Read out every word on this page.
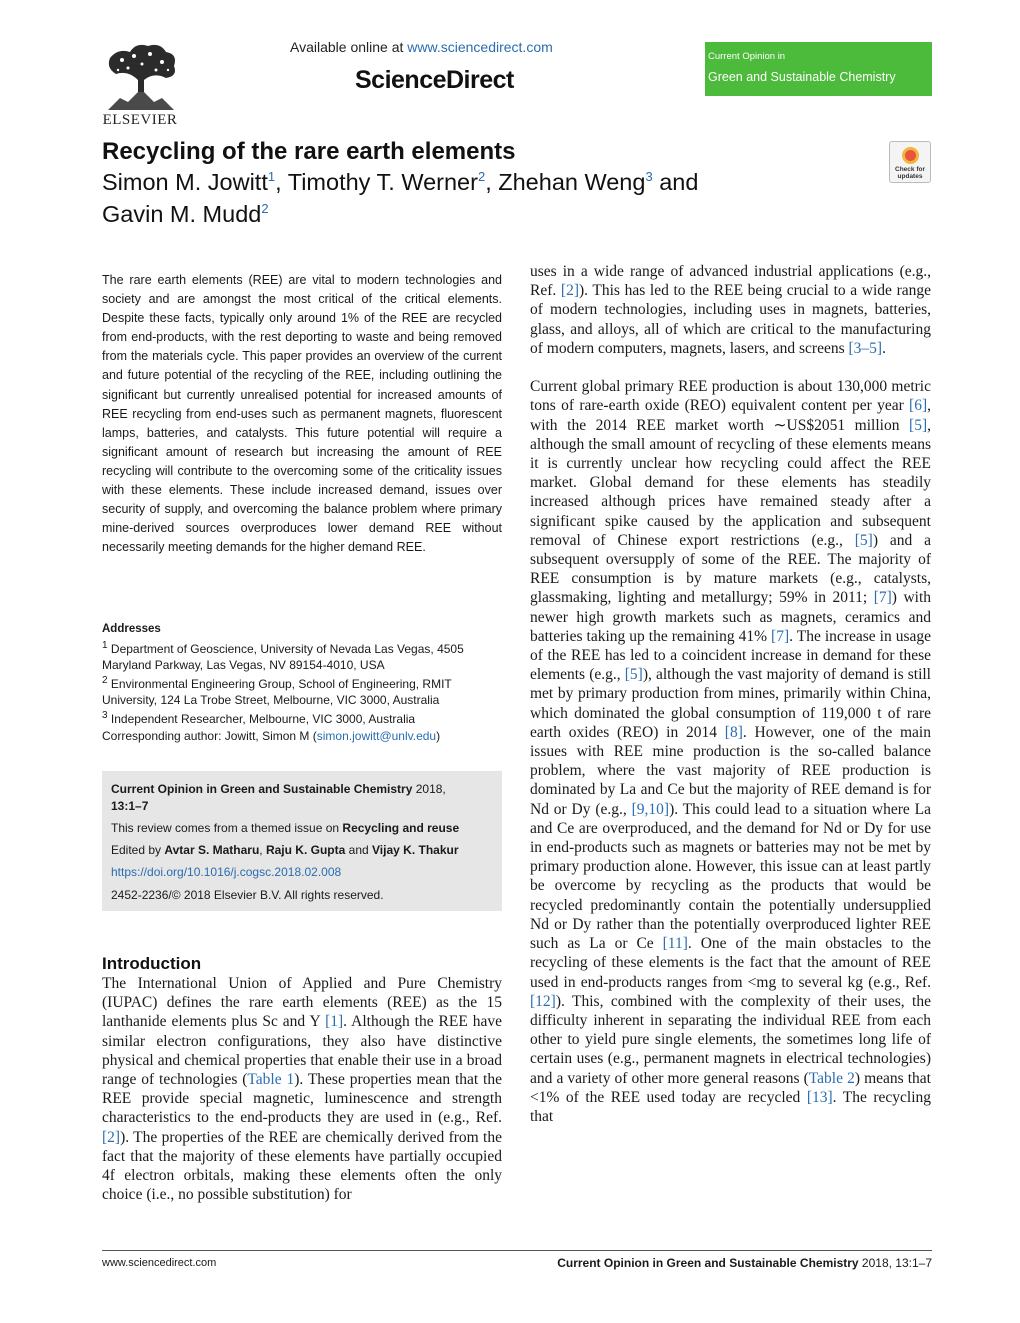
ELSEVIER
Available online at www.sciencedirect.com
ScienceDirect
Current Opinion in
Green and Sustainable Chemistry
Recycling of the rare earth elements
Simon M. Jowitt$^1$, Timothy T. Werner$^2$, Zhehan Weng$^3$ and
Gavin M. Mudd$^2$
Check for updates
The rare earth elements (REE) are vital to modern technologies and society and are amongst the most critical of the critical elements. Despite these facts, typically only around 1% of the REE are recycled from end-products, with the rest deporting to waste and being removed from the materials cycle. This paper provides an overview of the current and future potential of the recycling of the REE, including outlining the significant but currently unrealised potential for increased amounts of REE recycling from end-uses such as permanent magnets, fluorescent lamps, batteries, and catalysts. This future potential will require a significant amount of research but increasing the amount of REE recycling will contribute to the overcoming some of the criticality issues with these elements. These include increased demand, issues over security of supply, and overcoming the balance problem where primary mine-derived sources overproduces lower demand REE without necessarily meeting demands for the higher demand REE.
Addresses

$^1$ Department of Geoscience, University of Nevada Las Vegas, 4505 Maryland Parkway, Las Vegas, NV 89154-4010, USA

$^2$ Environmental Engineering Group, School of Engineering, RMIT University, 124 La Trobe Street, Melbourne, VIC 3000, Australia

$^3$ Independent Researcher, Melbourne, VIC 3000, Australia

Corresponding author: Jowitt, Simon M (simon.jowitt@unlv.edu)
Current Opinion in Green and Sustainable Chemistry 2018,
13:1–7
This review comes from a themed issue on Recycling and reuse
Edited by Avtar S. Matharu, Raju K. Gupta and Vijay K. Thakur
https://doi.org/10.1016/j.cogsc.2018.02.008
2452-2236/© 2018 Elsevier B.V. All rights reserved.
Introduction
The International Union of Applied and Pure Chemistry (IUPAC) defines the rare earth elements (REE) as the 15 lanthanide elements plus Sc and Y [1]. Although the REE have similar electron configurations, they also have distinctive physical and chemical properties that enable their use in a broad range of technologies (Table 1). These properties mean that the REE provide special magnetic, luminescence and strength characteristics to the end-products they are used in (e.g., Ref. [2]). The properties of the REE are chemically derived from the fact that the majority of these elements have partially occupied 4f electron orbitals, making these elements often the only choice (i.e., no possible substitution) for

uses in a wide range of advanced industrial applications (e.g., Ref. [2]). This has led to the REE being crucial to a wide range of modern technologies, including uses in magnets, batteries, glass, and alloys, all of which are critical to the manufacturing of modern computers, magnets, lasers, and screens [3–5].

Current global primary REE production is about 130,000 metric tons of rare-earth oxide (REO) equivalent content per year [6], with the 2014 REE market worth ∼US$2051 million [5], although the small amount of recycling of these elements means it is currently unclear how recycling could affect the REE market. Global demand for these elements has steadily increased although prices have remained steady after a significant spike caused by the application and subsequent removal of Chinese export restrictions (e.g., [5]) and a subsequent oversupply of some of the REE. The majority of REE consumption is by mature markets (e.g., catalysts, glassmaking, lighting and metallurgy; 59% in 2011; [7]) with newer high growth markets such as magnets, ceramics and batteries taking up the remaining 41% [7]. The increase in usage of the REE has led to a coincident increase in demand for these elements (e.g., [5]), although the vast majority of demand is still met by primary production from mines, primarily within China, which dominated the global consumption of 119,000 t of rare earth oxides (REO) in 2014 [8]. However, one of the main issues with REE mine production is the so-called balance problem, where the vast majority of REE production is dominated by La and Ce but the majority of REE demand is for Nd or Dy (e.g., [9,10]). This could lead to a situation where La and Ce are overproduced, and the demand for Nd or Dy for use in end-products such as magnets or batteries may not be met by primary production alone. However, this issue can at least partly be overcome by recycling as the products that would be recycled predominantly contain the potentially undersupplied Nd or Dy rather than the potentially overproduced lighter REE such as La or Ce [11]. One of the main obstacles to the recycling of these elements is the fact that the amount of REE used in end-products ranges from <mg to several kg (e.g., Ref. [12]). This, combined with the complexity of their uses, the difficulty inherent in separating the individual REE from each other to yield pure single elements, the sometimes long life of certain uses (e.g., permanent magnets in electrical technologies) and a variety of other more general reasons (Table 2) means that <1% of the REE used today are recycled [13]. The recycling that

www.sciencedirect.com	Current Opinion in Green and Sustainable Chemistry 2018, 13:1–7
